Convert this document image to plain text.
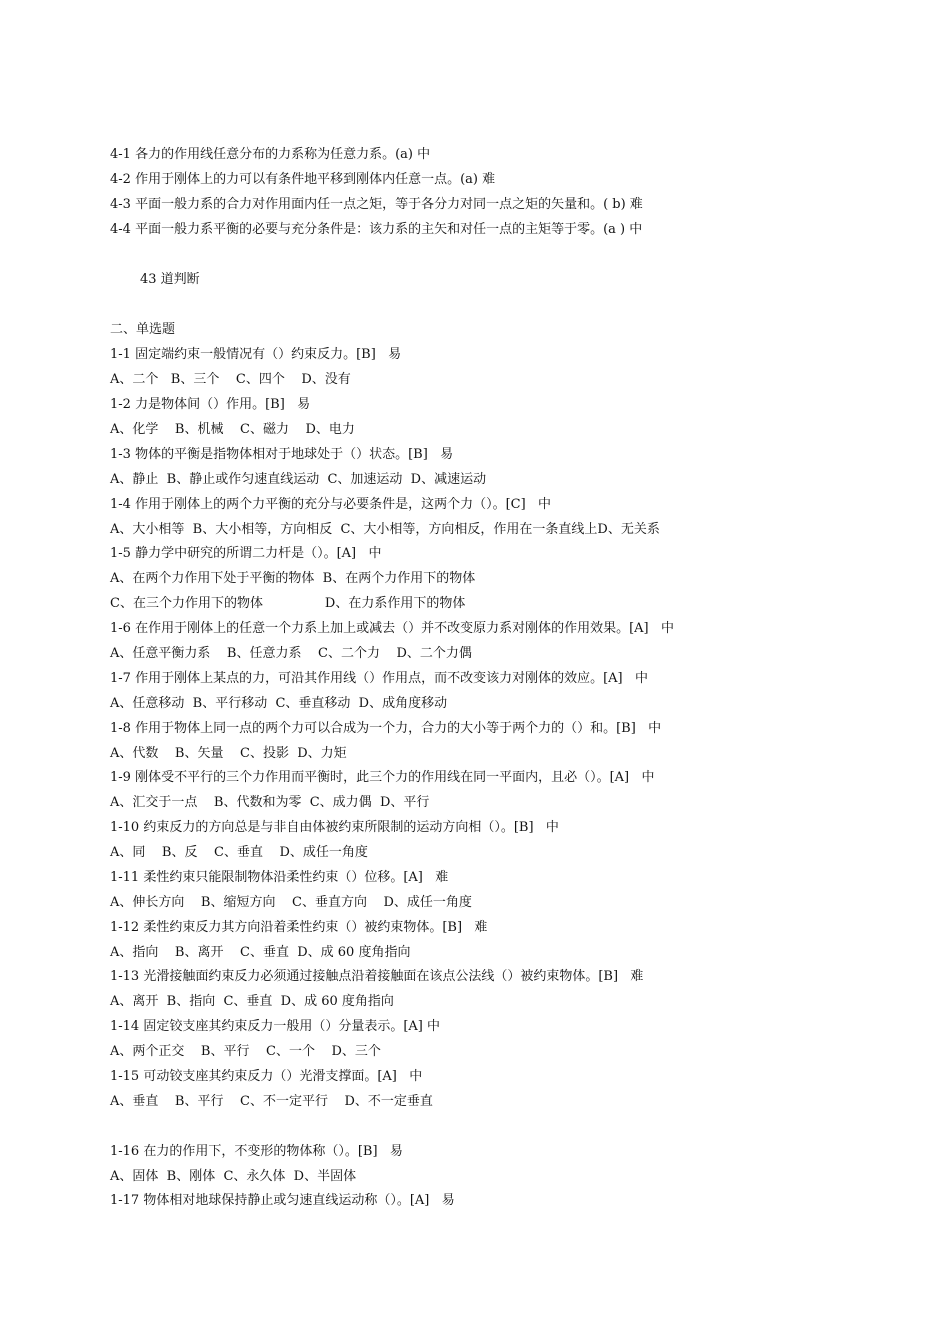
4-1 各力的作用线任意分布的力系称为任意力系。(a) 中
4-2 作用于刚体上的力可以有条件地平移到刚体内任意一点。(a) 难
4-3 平面一般力系的合力对作用面内任一点之矩，等于各分力对同一点之矩的矢量和。( b) 难
4-4 平面一般力系平衡的必要与充分条件是：该力系的主矢和对任一点的主矩等于零。(a ) 中
43 道判断
二、单选题
1-1 固定端约束一般情况有（）约束反力。[B]   易
A、二个   B、三个    C、四个    D、没有
1-2 力是物体间（）作用。[B]   易
A、化学    B、机械    C、磁力    D、电力
1-3 物体的平衡是指物体相对于地球处于（）状态。[B]   易
A、静止  B、静止或作匀速直线运动  C、加速运动  D、减速运动
1-4 作用于刚体上的两个力平衡的充分与必要条件是，这两个力（）。[C]   中
A、大小相等  B、大小相等，方向相反  C、大小相等，方向相反，作用在一条直线上D、无关系
1-5 静力学中研究的所谓二力杆是（）。[A]   中
A、在两个力作用下处于平衡的物体  B、在两个力作用下的物体
C、在三个力作用下的物体               D、在力系作用下的物体
1-6 在作用于刚体上的任意一个力系上加上或减去（）并不改变原力系对刚体的作用效果。[A]   中
A、任意平衡力系    B、任意力系    C、二个力    D、二个力偶
1-7 作用于刚体上某点的力，可沿其作用线（）作用点，而不改变该力对刚体的效应。[A]   中
A、任意移动  B、平行移动  C、垂直移动  D、成角度移动
1-8 作用于物体上同一点的两个力可以合成为一个力，合力的大小等于两个力的（）和。[B]   中
A、代数    B、矢量    C、投影  D、力矩
1-9 刚体受不平行的三个力作用而平衡时，此三个力的作用线在同一平面内，且必（）。[A]   中
A、汇交于一点    B、代数和为零  C、成力偶  D、平行
1-10 约束反力的方向总是与非自由体被约束所限制的运动方向相（）。[B]   中
A、同    B、反    C、垂直    D、成任一角度
1-11 柔性约束只能限制物体沿柔性约束（）位移。[A]   难
A、伸长方向    B、缩短方向    C、垂直方向    D、成任一角度
1-12 柔性约束反力其方向沿着柔性约束（）被约束物体。[B]   难
A、指向    B、离开    C、垂直  D、成 60 度角指向
1-13 光滑接触面约束反力必须通过接触点沿着接触面在该点公法线（）被约束物体。[B]   难
A、离开  B、指向  C、垂直  D、成 60 度角指向
1-14 固定铰支座其约束反力一般用（）分量表示。[A] 中
A、两个正交    B、平行    C、一个    D、三个
1-15 可动铰支座其约束反力（）光滑支撑面。[A]   中
A、垂直    B、平行    C、不一定平行    D、不一定垂直
1-16 在力的作用下，不变形的物体称（）。[B]   易
A、固体  B、刚体  C、永久体  D、半固体
1-17 物体相对地球保持静止或匀速直线运动称（）。[A]   易
